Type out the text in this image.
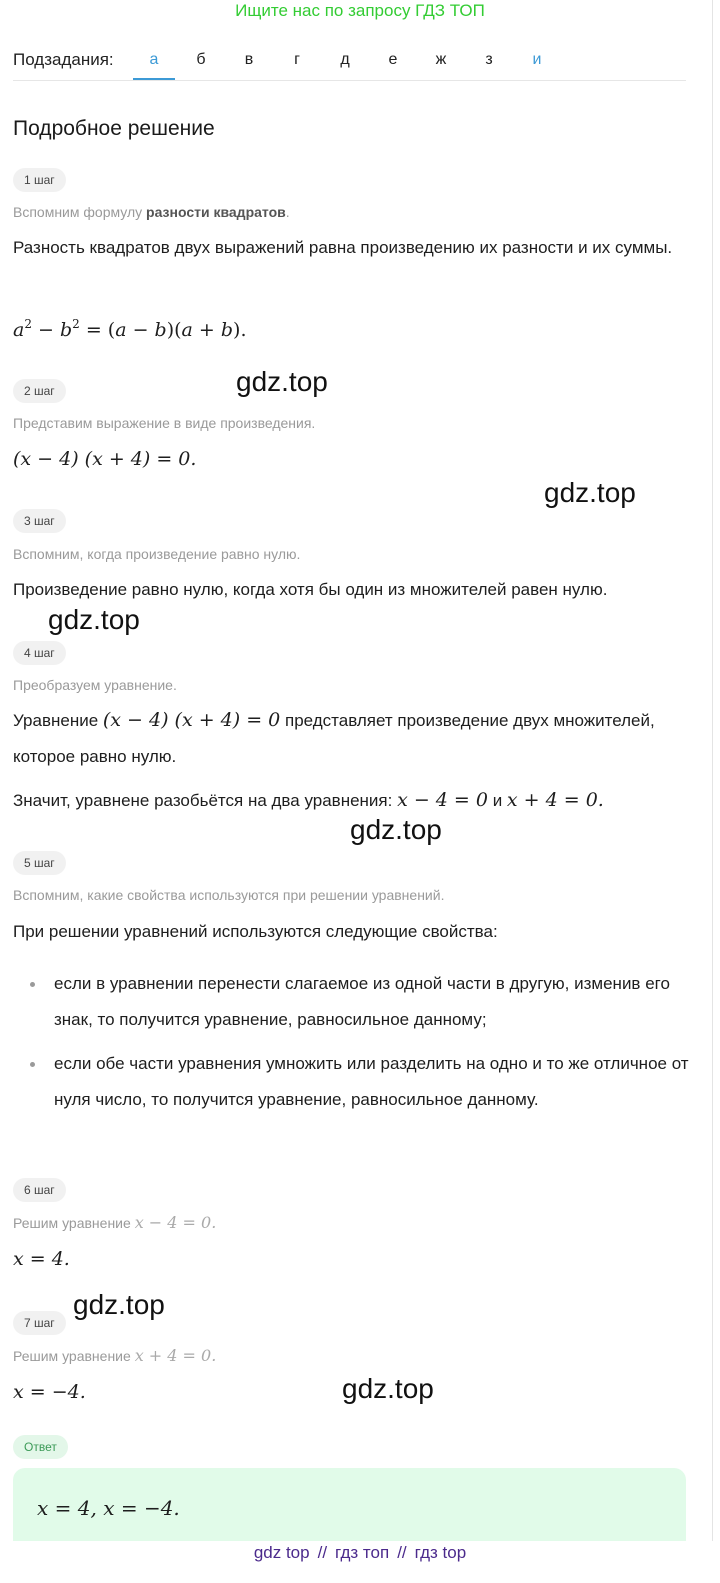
Ищите нас по запросу ГДЗ ТОП
Подзадания:	а	б	в	г	д	е	ж	з	и
Подробное решение
1 шаг
Вспомним формулу разности квадратов.
Разность квадратов двух выражений равна произведению их разности и их суммы.
$a^2 - b^2 = (a - b)(a + b)$.
gdz.top
2 шаг
Представим выражение в виде произведения.
(x − 4) (x + 4) = 0.
gdz.top
3 шаг
Вспомним, когда произведение равно нулю.
Произведение равно нулю, когда хотя бы один из множителей равен нулю.
gdz.top
4 шаг
Преобразуем уравнение.
Уравнение (x − 4) (x + 4) = 0 представляет произведение двух множителей, которое равно нулю.
Значит, уравнене разобьётся на два уравнения: x − 4 = 0 и x + 4 = 0.
gdz.top
5 шаг
Вспомним, какие свойства используются при решении уравнений.
При решении уравнений используются следующие свойства:
если в уравнении перенести слагаемое из одной части в другую, изменив его знак, то получится уравнение, равносильное данному;
если обе части уравнения умножить или разделить на одно и то же отличное от нуля число, то получится уравнение, равносильное данному.
6 шаг
Решим уравнение x − 4 = 0.
x = 4.
gdz.top
7 шаг
Решим уравнение x + 4 = 0.
x = −4.	gdz.top
Ответ
x = 4, x = −4.
gdz top // гдз топ // гдз top
